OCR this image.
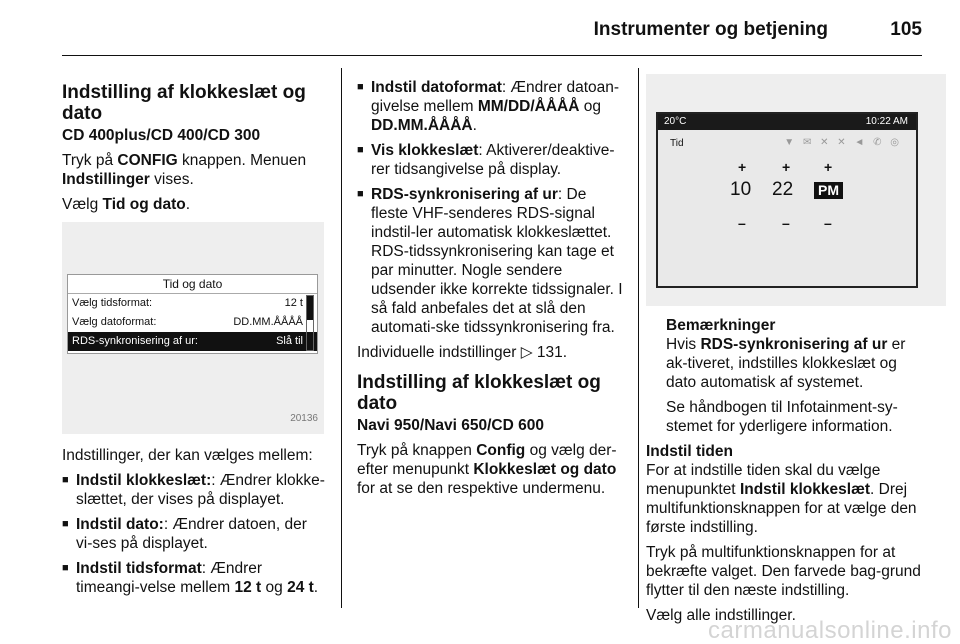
Instrumenter og betjening	105
Indstilling af klokkeslæt og dato
CD 400plus/CD 400/CD 300

Tryk på CONFIG knappen. Menuen Indstillinger vises.

Vælg Tid og dato.

Tid og dato
Vælg tidsformat:	12 t
Vælg datoformat:	DD.MM.ÅÅÅÅ
RDS-synkronisering af ur:	Slå til
20136

Indstillinger, der kan vælges mellem:

■ Indstil klokkeslæt:: Ændrer klokke-slættet, der vises på displayet.
■ Indstil dato:: Ændrer datoen, der vi-ses på displayet.
■ Indstil tidsformat: Ændrer timeangi-velse mellem 12 t og 24 t.
■ Indstil datoformat: Ændrer datoan-givelse mellem MM/DD/ÅÅÅÅ og DD.MM.ÅÅÅÅ.
■ Vis klokkeslæt: Aktiverer/deaktive-rer tidsangivelse på display.
■ RDS-synkronisering af ur: De fleste VHF-senderes RDS-signal indstil-ler automatisk klokkeslættet. RDS-tidssynkronisering kan tage et par minutter. Nogle sendere udsender ikke korrekte tidssignaler. I så fald anbefales det at slå den automati-ske tidssynkronisering fra.

Individuelle indstillinger ▷ 131.

Indstilling af klokkeslæt og dato
Navi 950/Navi 650/CD 600

Tryk på knappen Config og vælg der-efter menupunkt Klokkeslæt og dato for at se den respektive undermenu.

20°C	10:22 AM
Tid	▼ ✉ ✕ ✕ ◄ ✆ ◎
+	+ +
10 22 PM
–	– –
Bemærkninger

Hvis RDS-synkronisering af ur er ak-tiveret, indstilles klokkeslæt og dato automatisk af systemet.

Se håndbogen til Infotainment-sy-stemet for yderligere information.

Indstil tiden

For at indstille tiden skal du vælge menupunktet Indstil klokkeslæt. Drej multifunktionsknappen for at vælge den første indstilling.

Tryk på multifunktionsknappen for at bekræfte valget. Den farvede bag-grund flytter til den næste indstilling.

Vælg alle indstillinger.

carmanualsonline.info
